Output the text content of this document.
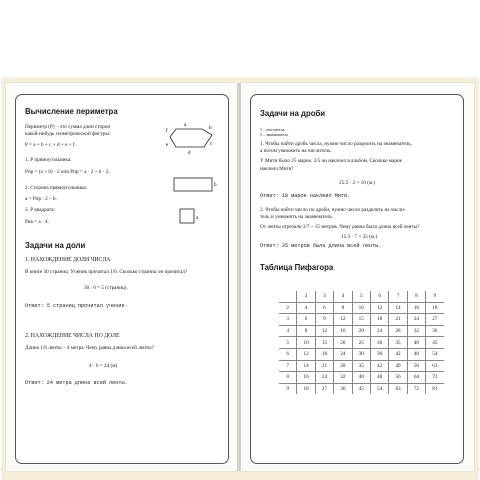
Вычисление периметра
Периметр (Р) – это сумма длин сторон
какой-нибудь геометрической фигуры:
P = a + b + c + d + e + f.
a
b
c
d
e
f
1. Р прямоугольника:
Pпр = (a + b) · 2 или Pпр = a · 2 + b · 2.
b
2. Сторона прямоугольника:
a = Pпр : 2 – b.
3. Р квадрата:
a
Pкв = a · 4.
Задачи на доли
1. НАХОЖДЕНИЕ ДОЛИ ЧИСЛА
В книге 30 страниц. Ученик прочитал 1/6. Сколько страниц он прочитал?
30 : 6 = 5 (страниц).
Ответ: 5 страниц прочитал ученик.
2. НАХОЖДЕНИЕ ЧИСЛА ПО ДОЛЕ
Длина 1/6 ленты – 4 метра. Чему равна длина всей ленты?
4 · 6 = 24 (м)
Ответ: 24 метра длина всей ленты.
Задачи на дроби
1 – числитель
5 – знаменатель
1. Чтобы найти дробь числа, нужно число разделить на знаменатель,
а потом умножить на числитель.
У Мити было 25 марок. 2/5 он наклеил в альбом. Сколько марок
наклеил Митя?
25:5 · 2 = 10 (м.)
Ответ: 10 марок наклеил Мити.
2. Чтобы найти число по дроби, нужно число разделить на числи-
тель и умножить на знаменатель.
От ленты отрезали 3/7 – 15 метров. Чему равна была длина всей ленты?
15:3 · 7 = 35 (м.)
Ответ: 35 метров была длина всей ленты.
Таблица Пифагора
	2	3	4	5	6	7	8	9
2	4	6	8	10	12	14	16	18
3	6	9	12	15	18	21	24	27
4	8	12	16	20	24	28	32	36
5	10	15	20	25	30	35	40	45
6	12	18	24	30	36	42	48	54
7	14	21	28	35	42	49	56	63
8	16	24	32	40	48	56	64	72
9	18	27	36	45	54	63	72	81
